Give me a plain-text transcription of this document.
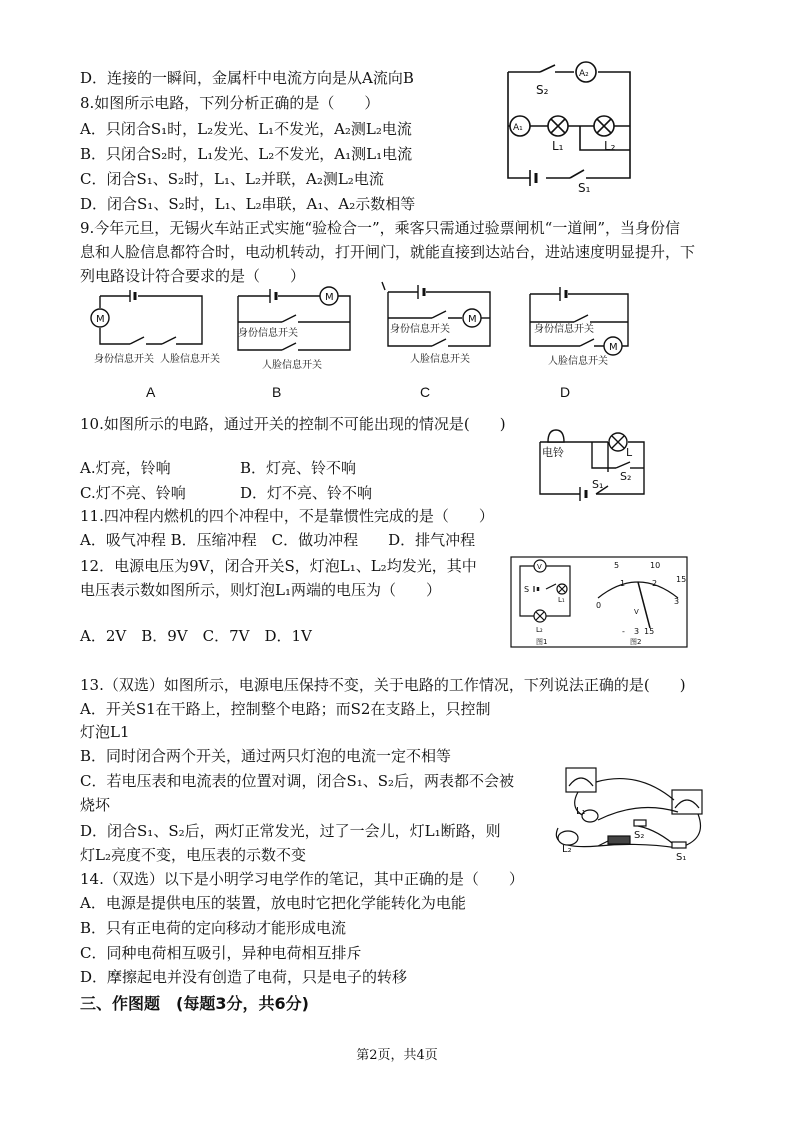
D．连接的一瞬间，金属杆中电流方向是从A流向B
8.如图所示电路，下列分析正确的是（　　）
A．只闭合S₁时，L₂发光、L₁不发光，A₂测L₂电流
B．只闭合S₂时，L₁发光、L₂不发光，A₁测L₁电流
C．闭合S₁、S₂时，L₁、L₂并联，A₂测L₂电流
D．闭合S₁、S₂时，L₁、L₂串联，A₁、A₂示数相等
9.今年元旦，无锡火车站正式实施“验检合一”，乘客只需通过验票闸机“一道闸”，当身份信
息和人脸信息都符合时，电动机转动，打开闸门，就能直接到达站台，进站速度明显提升，下
列电路设计符合要求的是（　　）
10.如图所示的电路，通过开关的控制不可能出现的情况是(　　)
A.灯亮，铃响	B．灯亮、铃不响
C.灯不亮、铃响	D．灯不亮、铃不响
11.四冲程内燃机的四个冲程中，不是靠惯性完成的是（　　）
A．吸气冲程 B．压缩冲程　C．做功冲程　　D．排气冲程
12．电源电压为9V，闭合开关S，灯泡L₁、L₂均发光，其中
电压表示数如图所示，则灯泡L₁两端的电压为（　　）
A．2V　B．9V　C．7V　D．1V
13.（双选）如图所示，电源电压保持不变，关于电路的工作情况，下列说法正确的是(　　)
A．开关S1在干路上，控制整个电路；而S2在支路上，只控制
灯泡L1
B．同时闭合两个开关，通过两只灯泡的电流一定不相等
C．若电压表和电流表的位置对调，闭合S₁、S₂后，两表都不会被
烧坏
D．闭合S₁、S₂后，两灯正常发光，过了一会儿，灯L₁断路，则
灯L₂亮度不变，电压表的示数不变
14.（双选）以下是小明学习电学作的笔记，其中正确的是（　　）
A．电源是提供电压的装置，放电时它把化学能转化为电能
B．只有正电荷的定向移动才能形成电流
C．同种电荷相互吸引，异种电荷相互排斥
D．摩擦起电并没有创造了电荷，只是电子的转移
三、作图题　(每题3分，共6分)
第2页，共4页
S₂
A₂
A₁
L₁	L₂
S₁
M
身份信息开关 人脸信息开关
A
M
身份信息开关
人脸信息开关
B
M
身份信息开关
人脸信息开关
C
M
身份信息开关
人脸信息开关
D
电铃	L
S₁
S₂
V
S
L₁
L₂
图1	图2
5	10
15
0
1	2
3
V
- 3 15
L₁
L₂
S₂
S₁
